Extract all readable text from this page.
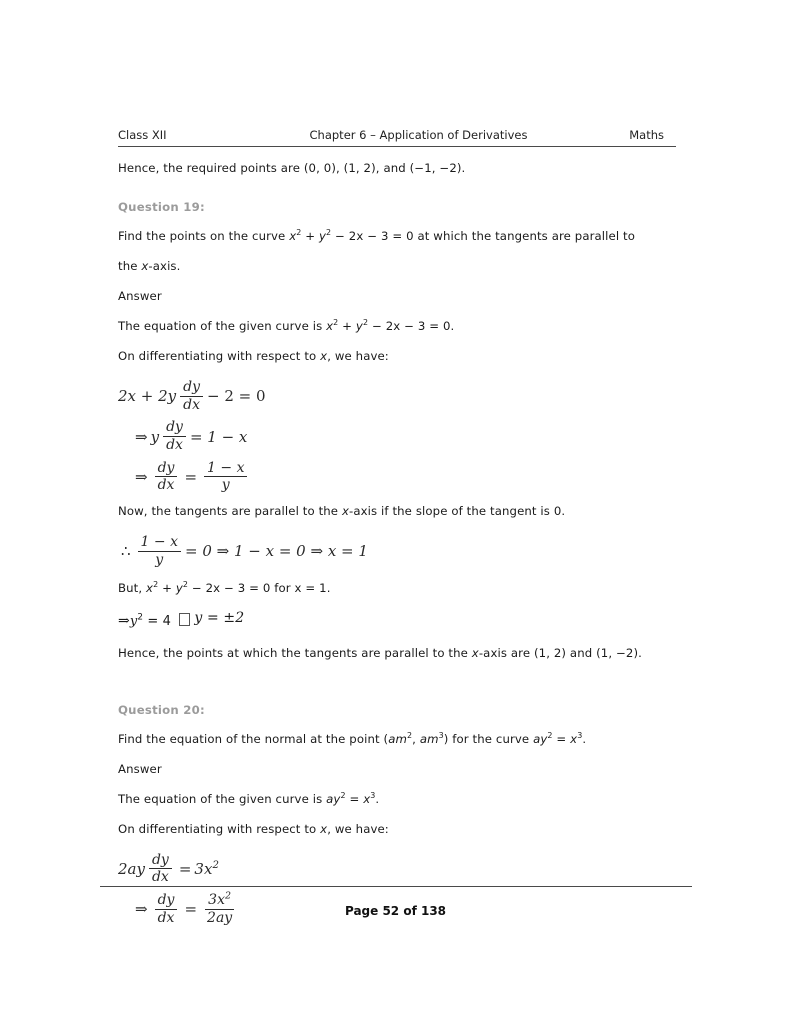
Class XII	Chapter 6 – Application of Derivatives	Maths

Hence, the required points are (0, 0), (1, 2), and (−1, −2).

Question 19:

Find the points on the curve $x^2 + y^2 - 2x - 3 = 0$ at which the tangents are parallel to

the x-axis.

Answer

The equation of the given curve is $x^2 + y^2 - 2x - 3 = 0$.

On differentiating with respect to x, we have:

$2x + 2y \frac{dy}{dx} - 2 = 0$
⇒ y $\frac{dy}{dx} = 1 - x$
⇒ $\frac{dy}{dx} = \frac{1 - x}{y}$

Now, the tangents are parallel to the x-axis if the slope of the tangent is 0.

∴ $\frac{1 - x}{y} = 0$ ⇒ 1 − x = 0 ⇒ x = 1

But, $x^2 + y^2 - 2x - 3 = 0$ for x = 1.

$\Rightarrow y^2 = 4$ y = ±2

Hence, the points at which the tangents are parallel to the x-axis are (1, 2) and (1, −2).

Question 20:

Find the equation of the normal at the point ($am^2$, $am^3$) for the curve $ay^2 = x^3$.

Answer

The equation of the given curve is $ay^2 = x^3$.

On differentiating with respect to x, we have:

$2ay \frac{dy}{dx} = 3x^2$
⇒ $\frac{dy}{dx} = \frac{3x^2}{2ay}$	Page 52 of 138
